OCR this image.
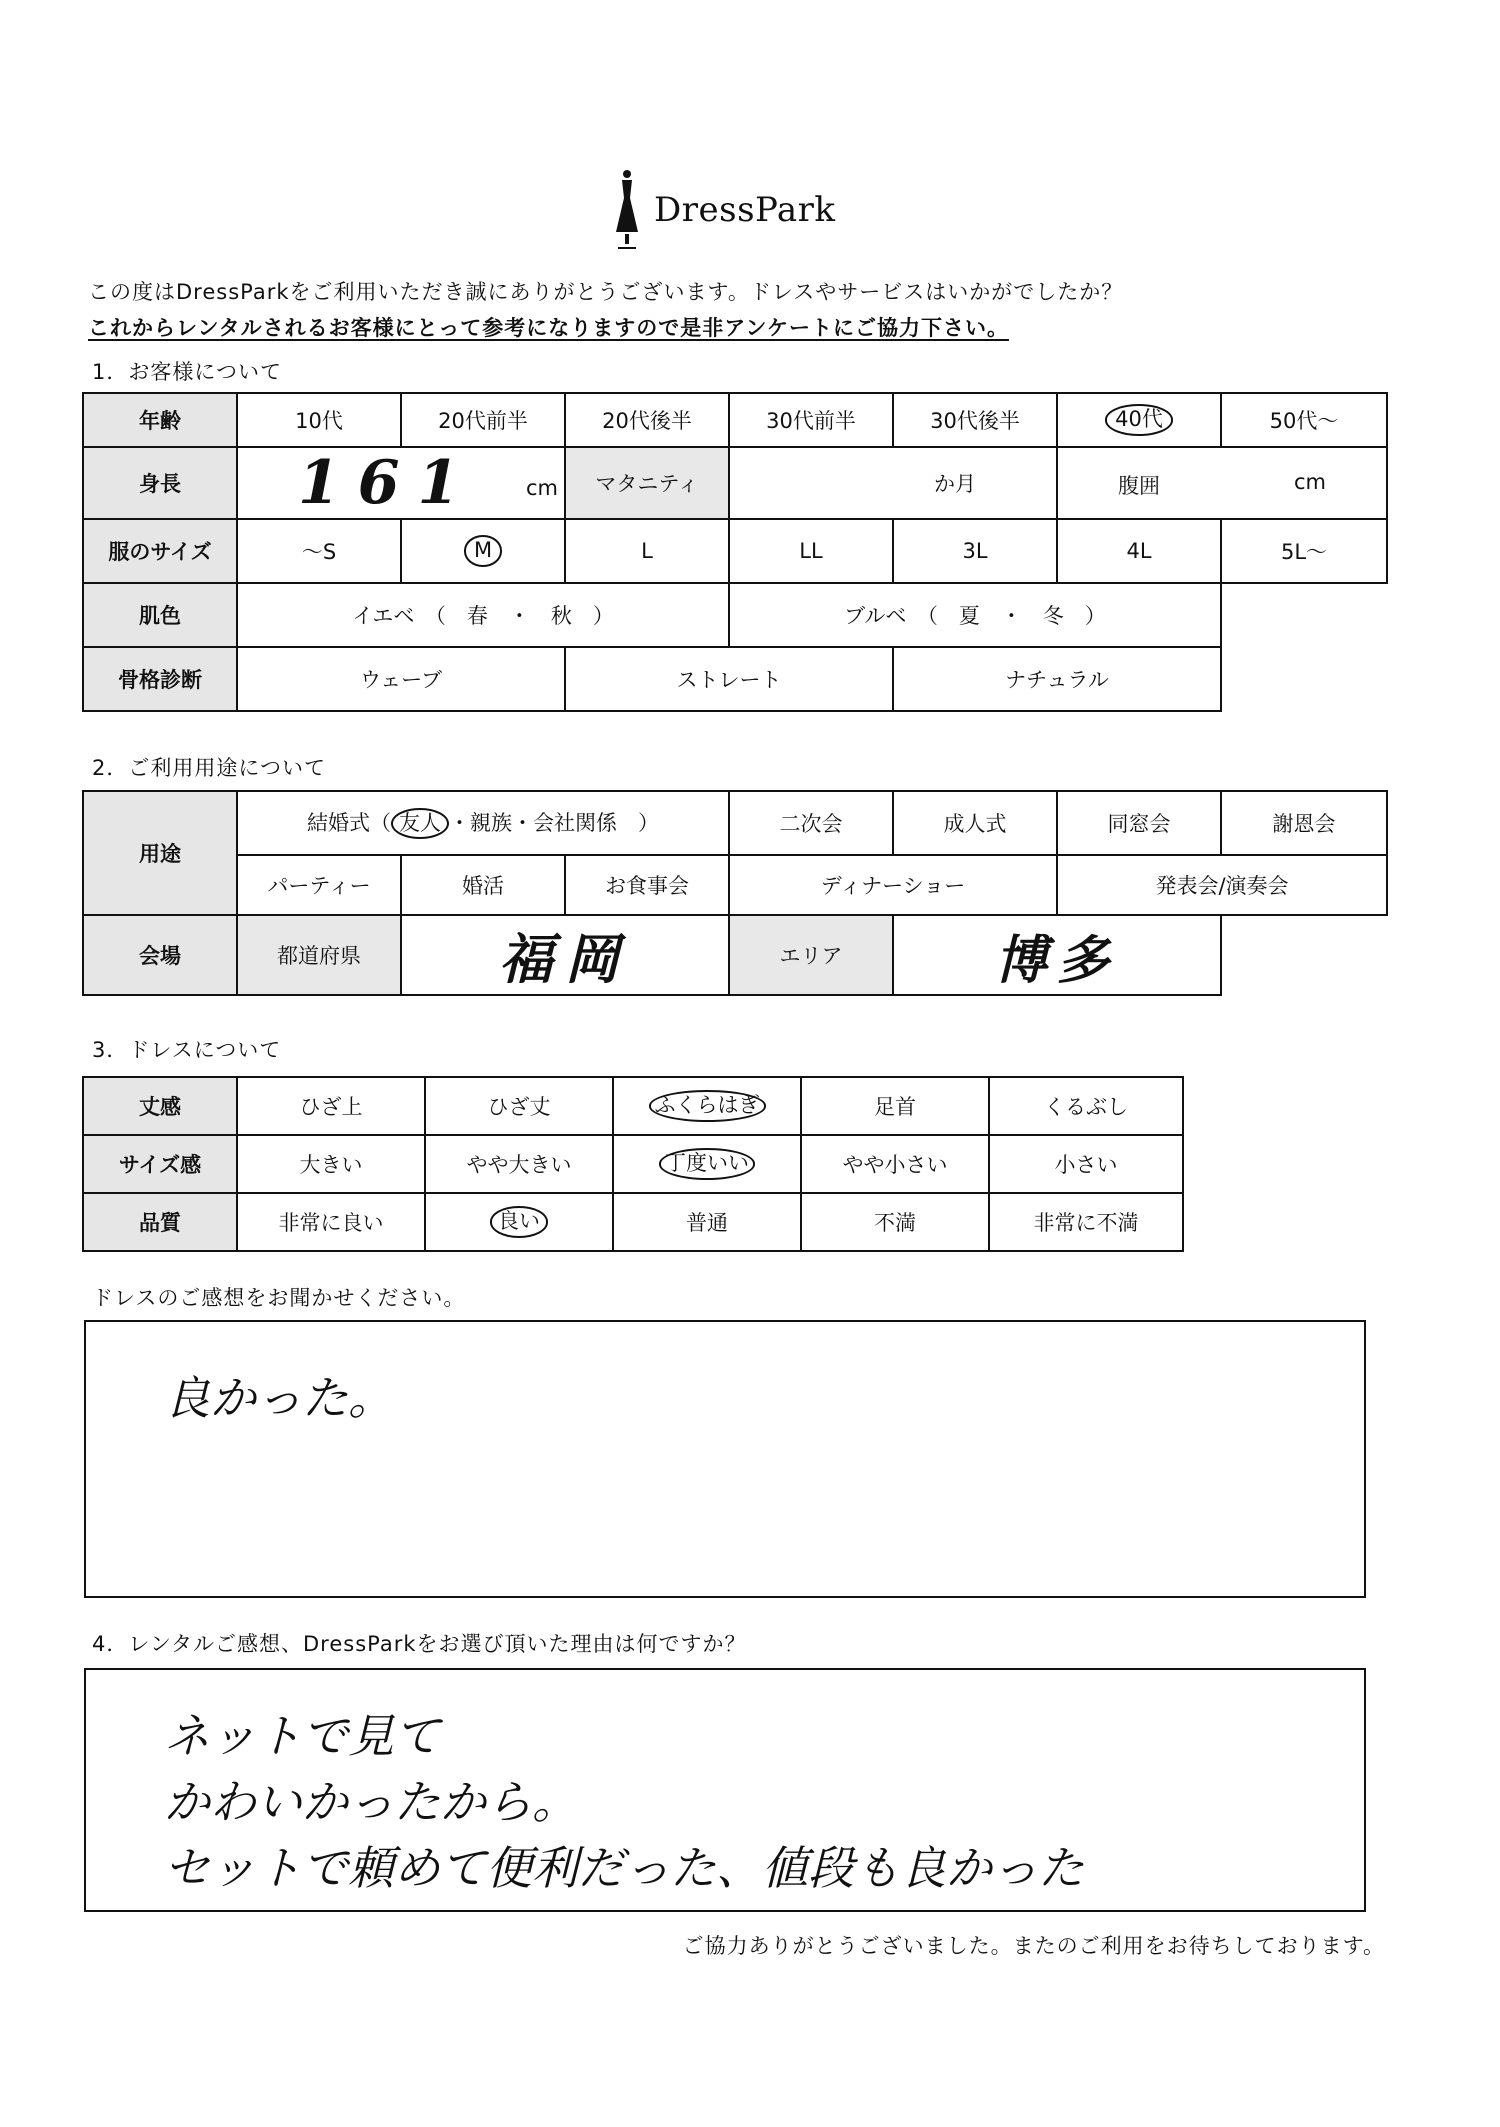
DressPark
この度はDressParkをご利用いただき誠にありがとうございます。ドレスやサービスはいかがでしたか？
これからレンタルされるお客様にとって参考になりますので是非アンケートにご協力下さい。
1．お客様について
年齢	10代	20代前半	20代後半	30代前半	30代後半	40代	50代～
身長	161 cm		マタニティ	か月		腹囲 cm	

服のサイズ	～S	M	L	LL	3L	4L	5L～
肌色	イエベ　（　春　・　秋　）			ブルベ　（　夏　・　冬　）			
骨格診断	ウェーブ		ストレート		ナチュラル		
2．ご利用用途について
用途	結婚式（ 友人 ・親族・会社関係　）			二次会	成人式	同窓会	謝恩会
	パーティー	婚活	お食事会	ディナーショー		発表会/演奏会	
会場	都道府県	福岡		エリア	博多		
3．ドレスについて
丈感	ひざ上	ひざ丈	ふくらはぎ	足首	くるぶし
サイズ感	大きい	やや大きい	丁度いい	やや小さい	小さい
品質	非常に良い	良い	普通	不満	非常に不満
ドレスのご感想をお聞かせください。
良かった。
4．レンタルご感想、DressParkをお選び頂いた理由は何ですか？
ネットで見て
かわいかったから。
セットで頼めて便利だった、値段も良かった
ご協力ありがとうございました。またのご利用をお待ちしております。
